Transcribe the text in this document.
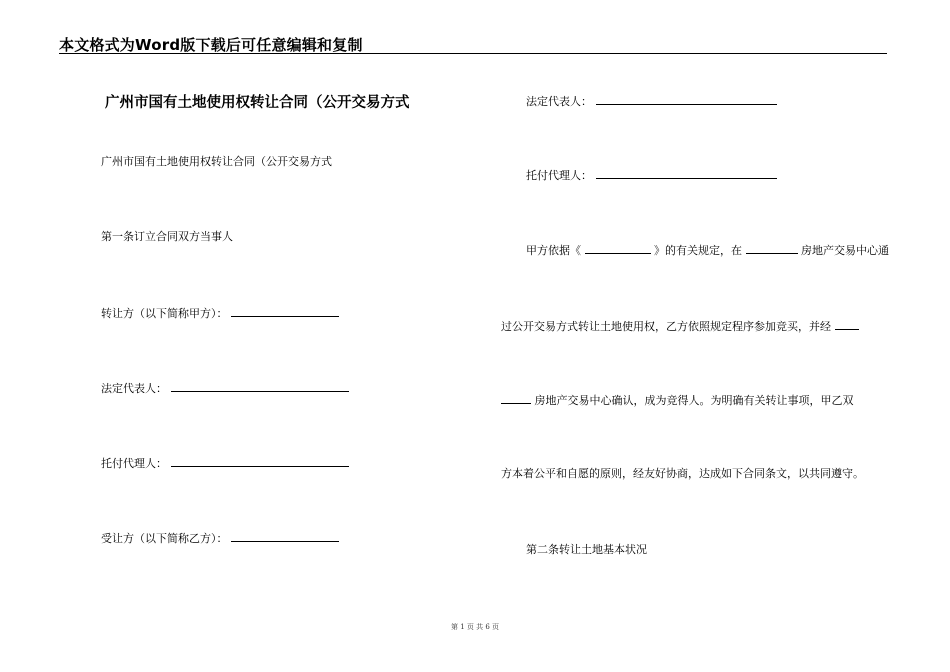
本文格式为Word版下载后可任意编辑和复制
广州市国有土地使用权转让合同（公开交易方式
广州市国有土地使用权转让合同（公开交易方式
第一条订立合同双方当事人
转让方（以下简称甲方）：
法定代表人：
托付代理人：
受让方（以下简称乙方）：
法定代表人：
托付代理人：
甲方依据《	》的有关规定，在	房地产交易中心通
过公开交易方式转让土地使用权，乙方依照规定程序参加竞买，并经
房地产交易中心确认，成为竞得人。为明确有关转让事项，甲乙双
方本着公平和自愿的原则，经友好协商，达成如下合同条文，以共同遵守。
第二条转让土地基本状况
第 1 页 共 6 页
